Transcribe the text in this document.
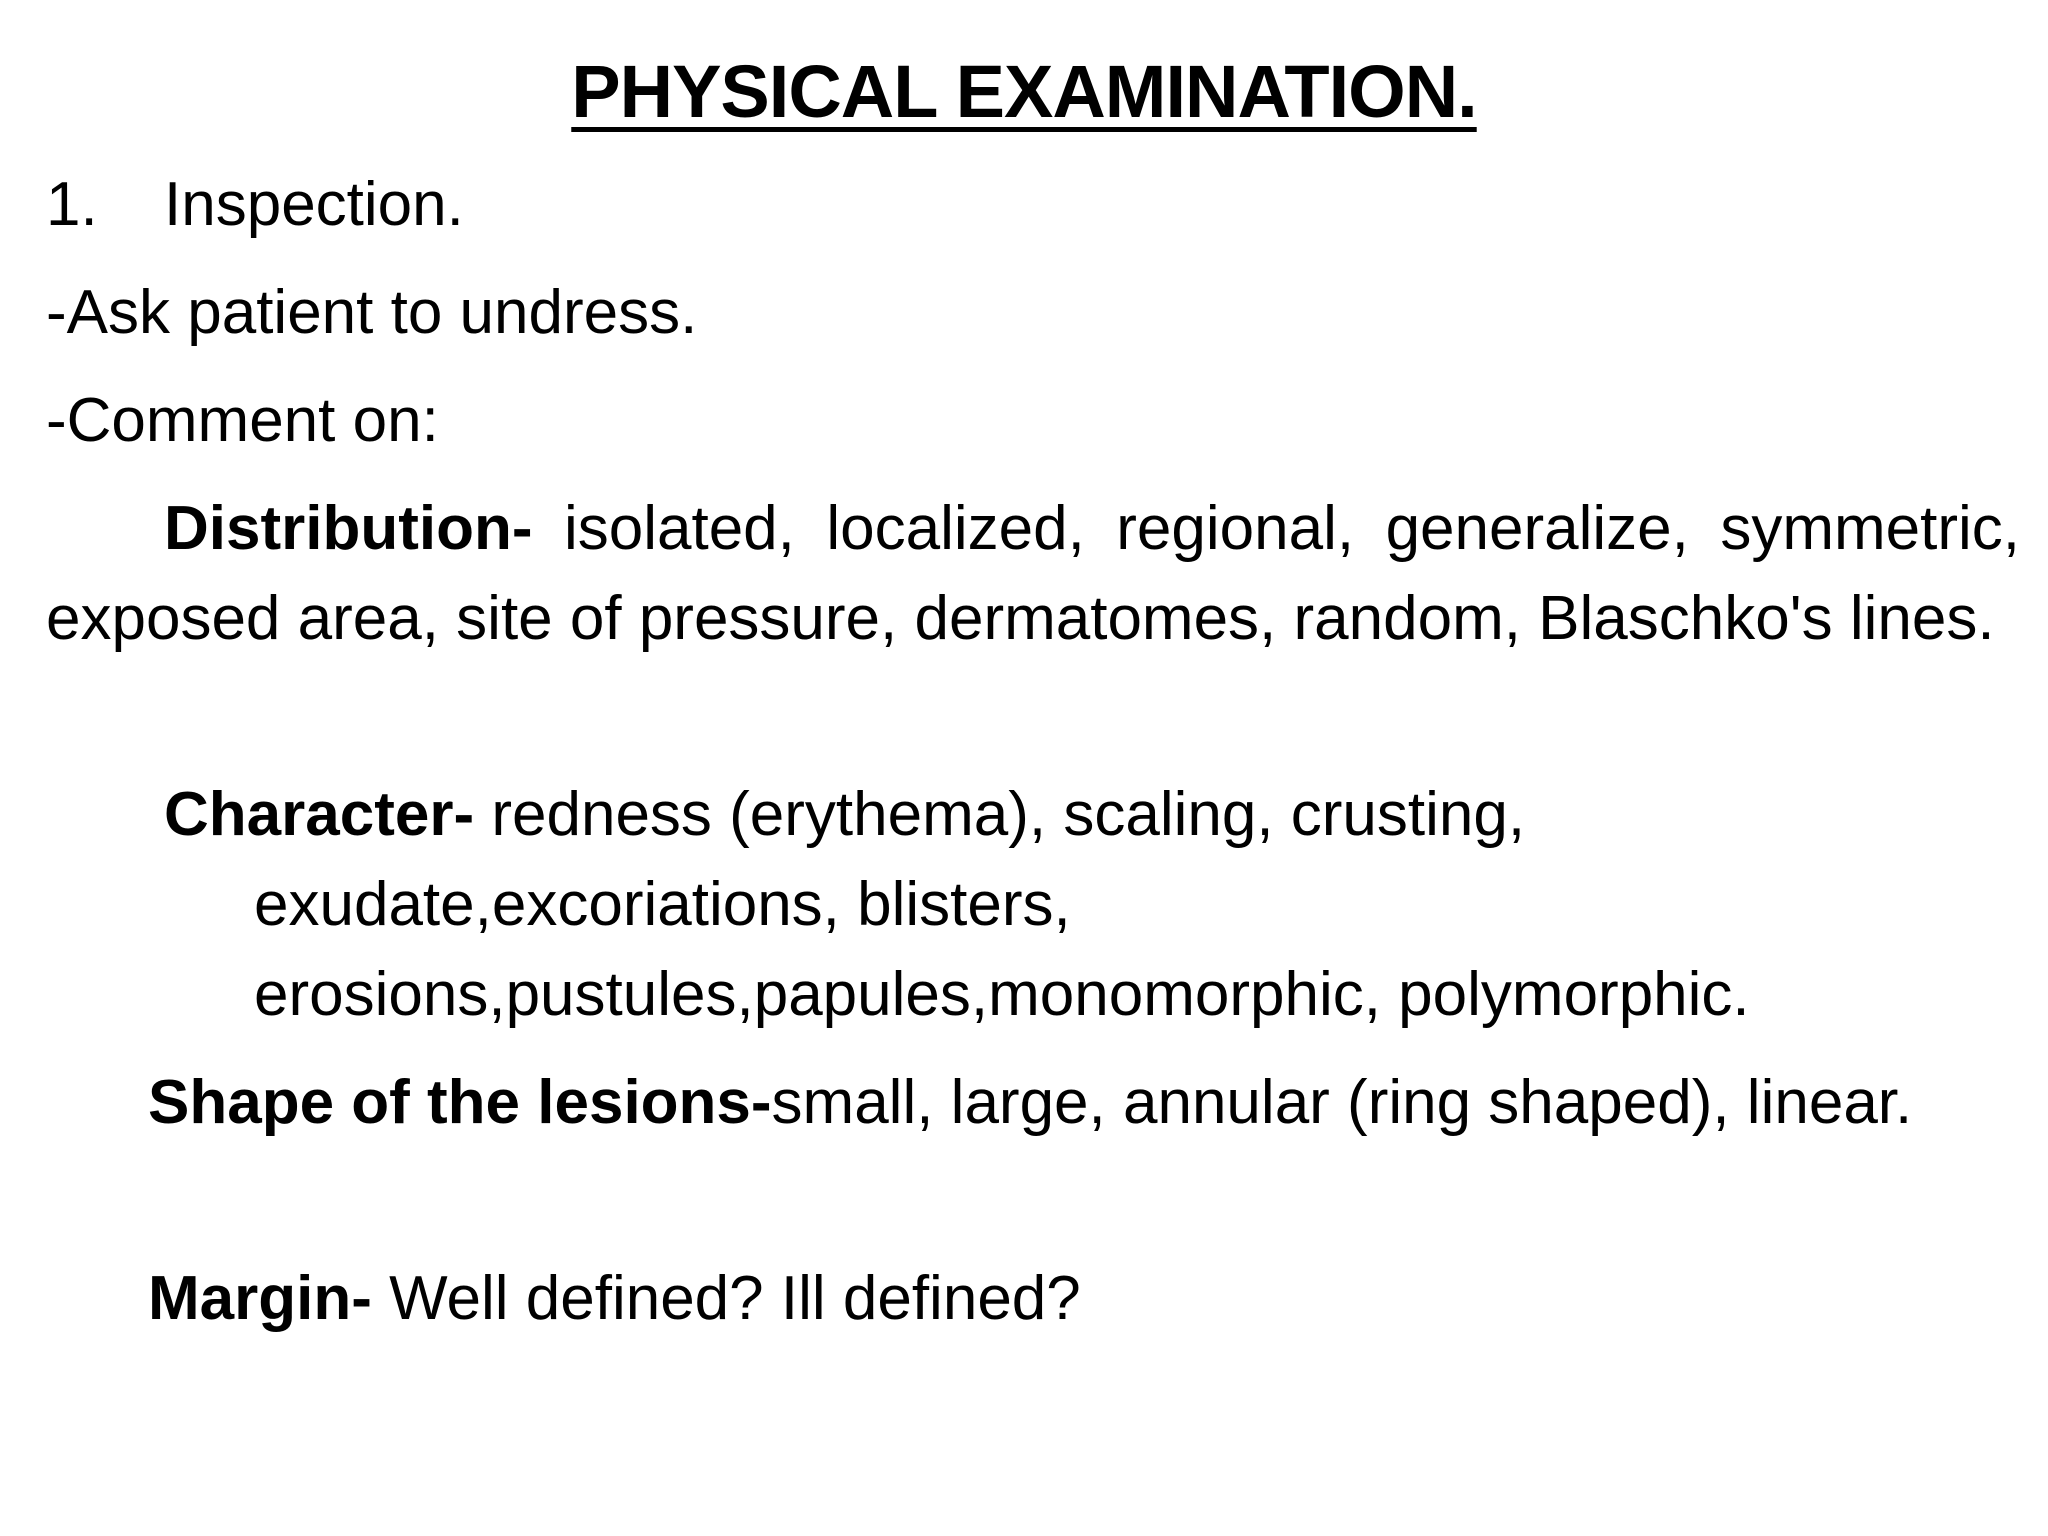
PHYSICAL EXAMINATION.
1. Inspection.
-Ask patient to undress.
-Comment on:
Distribution- isolated, localized, regional, generalize, symmetric, exposed area, site of pressure, dermatomes, random, Blaschko's lines.
Character- redness (erythema), scaling, crusting,
exudate,excoriations, blisters,
erosions,pustules,papules,monomorphic, polymorphic.
Shape of the lesions-small, large, annular (ring shaped), linear.
Margin- Well defined? Ill defined?
